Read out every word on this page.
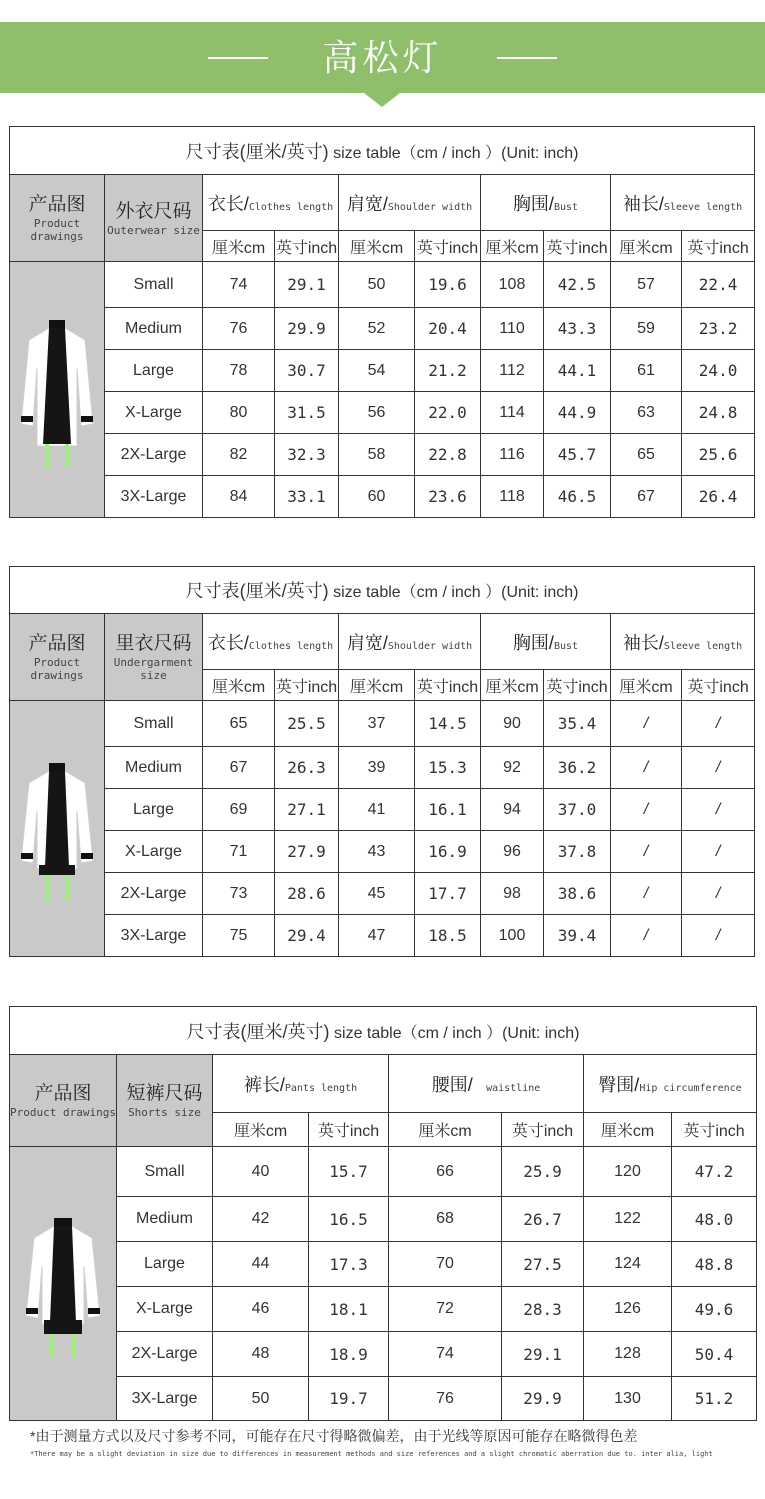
高松灯
尺寸表(厘米/英寸) size table（cm / inch ）(Unit: inch)									

产品图
Product drawings	外衣尺码
Outerwear size	衣长/Clothes length		肩宽/Shoulder width		胸围/Bust		袖长/Sleeve length	
		厘米cm	英寸inch	厘米cm	英寸inch	厘米cm	英寸inch	厘米cm	英寸inch

	Small	74	29.1	50	19.6	108	42.5	57	22.4
	Medium	76	29.9	52	20.4	110	43.3	59	23.2
	Large	78	30.7	54	21.2	112	44.1	61	24.0
	X-Large	80	31.5	56	22.0	114	44.9	63	24.8
	2X-Large	82	32.3	58	22.8	116	45.7	65	25.6
	3X-Large	84	33.1	60	23.6	118	46.5	67	26.4
尺寸表(厘米/英寸) size table（cm / inch ）(Unit: inch)									

产品图
Product drawings	里衣尺码
Undergarment size	衣长/Clothes length		肩宽/Shoulder width		胸围/Bust		袖长/Sleeve length	
		厘米cm	英寸inch	厘米cm	英寸inch	厘米cm	英寸inch	厘米cm	英寸inch

	Small	65	25.5	37	14.5	90	35.4	/	/
	Medium	67	26.3	39	15.3	92	36.2	/	/
	Large	69	27.1	41	16.1	94	37.0	/	/
	X-Large	71	27.9	43	16.9	96	37.8	/	/
	2X-Large	73	28.6	45	17.7	98	38.6	/	/
	3X-Large	75	29.4	47	18.5	100	39.4	/	/
尺寸表(厘米/英寸) size table（cm / inch ）(Unit: inch)							

产品图
Product drawings	短裤尺码
Shorts size	裤长/Pants length		腰围/ waistline		臀围/Hip circumference	
		厘米cm	英寸inch	厘米cm	英寸inch	厘米cm	英寸inch

	Small	40	15.7	66	25.9	120	47.2
	Medium	42	16.5	68	26.7	122	48.0
	Large	44	17.3	70	27.5	124	48.8
	X-Large	46	18.1	72	28.3	126	49.6
	2X-Large	48	18.9	74	29.1	128	50.4
	3X-Large	50	19.7	76	29.9	130	51.2
*由于测量方式以及尺寸参考不同，可能存在尺寸得略微偏差，由于光线等原因可能存在略微得色差
*There may be a slight deviation in size due to differences in measurement methods and size references and a slight chromatic aberration due to. inter alia, light
